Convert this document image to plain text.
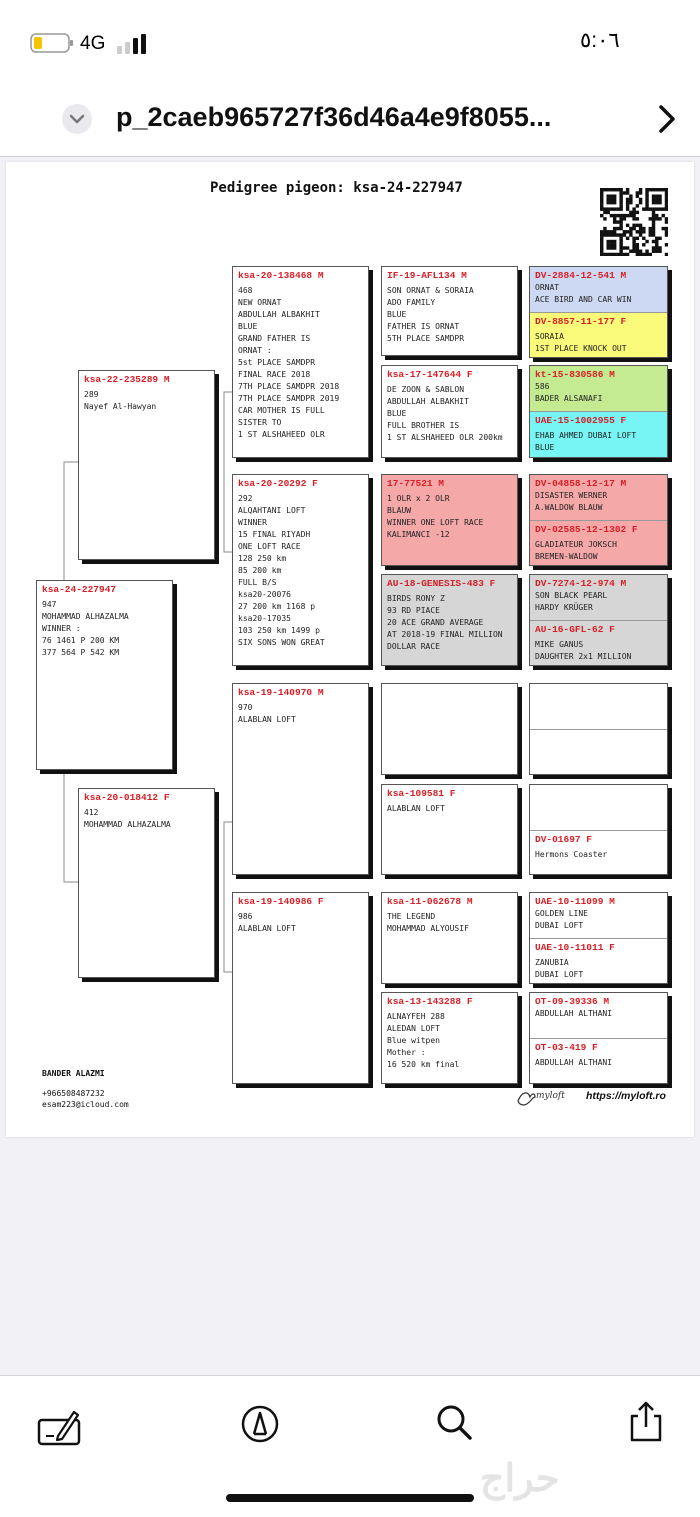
4G	٥:٠٦
p_2caeb965727f36d46a4e9f8055...
Pedigree pigeon: ksa-24-227947
ksa-24-227947
947
MOHAMMAD ALHAZALMA
WINNER :
76 1461 P 200 KM
377 564 P 542 KM
ksa-22-235289 M
289
Nayef Al-Hawyan
ksa-20-018412 F
412
MOHAMMAD ALHAZALMA
ksa-20-138468 M
468
NEW ORNAT
ABDULLAH ALBAKHIT
BLUE
GRAND FATHER IS
ORNAT :
5st PLACE SAMDPR
FINAL RACE 2018
7TH PLACE SAMDPR 2018
7TH PLACE SAMDPR 2019
CAR MOTHER IS FULL
SISTER TO
1 ST ALSHAHEED OLR
ksa-20-20292 F
292
ALQAHTANI LOFT
WINNER
15 FINAL RIYADH
ONE LOFT RACE
128 250 km
85 200 km
FULL B/S
ksa20-20076
27 200 km 1168 p
ksa20-17035
103 250 km 1499 p
SIX SONS WON GREAT
ksa-19-140970 M
970
ALABLAN LOFT
ksa-19-140986 F
986
ALABLAN LOFT
IF-19-AFL134 M
SON ORNAT & SORAIA
ADO FAMILY
BLUE
FATHER IS ORNAT
5TH PLACE SAMDPR
ksa-17-147644 F
DE ZOON & SABLON
ABDULLAH ALBAKHIT
BLUE
FULL BROTHER IS
1 ST ALSHAHEED OLR 200km
17-77521 M
1 OLR x 2 OLR
BLAUW
WINNER ONE LOFT RACE
KALIMANCI -12
AU-18-GENESIS-483 F
BIRDS RONY Z
93 RD PIACE
20 ACE GRAND AVERAGE
AT 2018-19 FINAL MILLION
DOLLAR RACE
ksa-109581 F
ALABLAN LOFT
ksa-11-062678 M
THE LEGEND
MOHAMMAD ALYOUSIF
ksa-13-143288 F
ALNAYFEH 288
ALEDAN LOFT
Blue witpen
Mother :
16 520 km final
DV-2884-12-541 M
ORNAT
ACE BIRD AND CAR WIN
DV-8857-11-177 F
SORAIA
1ST PLACE KNOCK OUT
kt-15-830586 M
586
BADER ALSANAFI
UAE-15-1002955 F
EHAB AHMED DUBAI LOFT
BLUE
DV-04858-12-17 M
DISASTER WERNER
A.WALDOW BLAUW
DV-02585-12-1302 F
GLADIATEUR JOKSCH
BREMEN-WALDOW
DV-7274-12-974 M
SON BLACK PEARL
HARDY KRÜGER
AU-16-GFL-62 F
MIKE GANUS
DAUGHTER 2x1 MILLION
DV-01697 F
Hermons Coaster
UAE-10-11099 M
GOLDEN LINE
DUBAI LOFT
UAE-10-11011 F
ZANUBIA
DUBAI LOFT
OT-09-39336 M
ABDULLAH ALTHANI
OT-03-419 F
ABDULLAH ALTHANI
BANDER ALAZMI
+966508487232
esam223@icloud.com
myloft https://myloft.ro
حراج
